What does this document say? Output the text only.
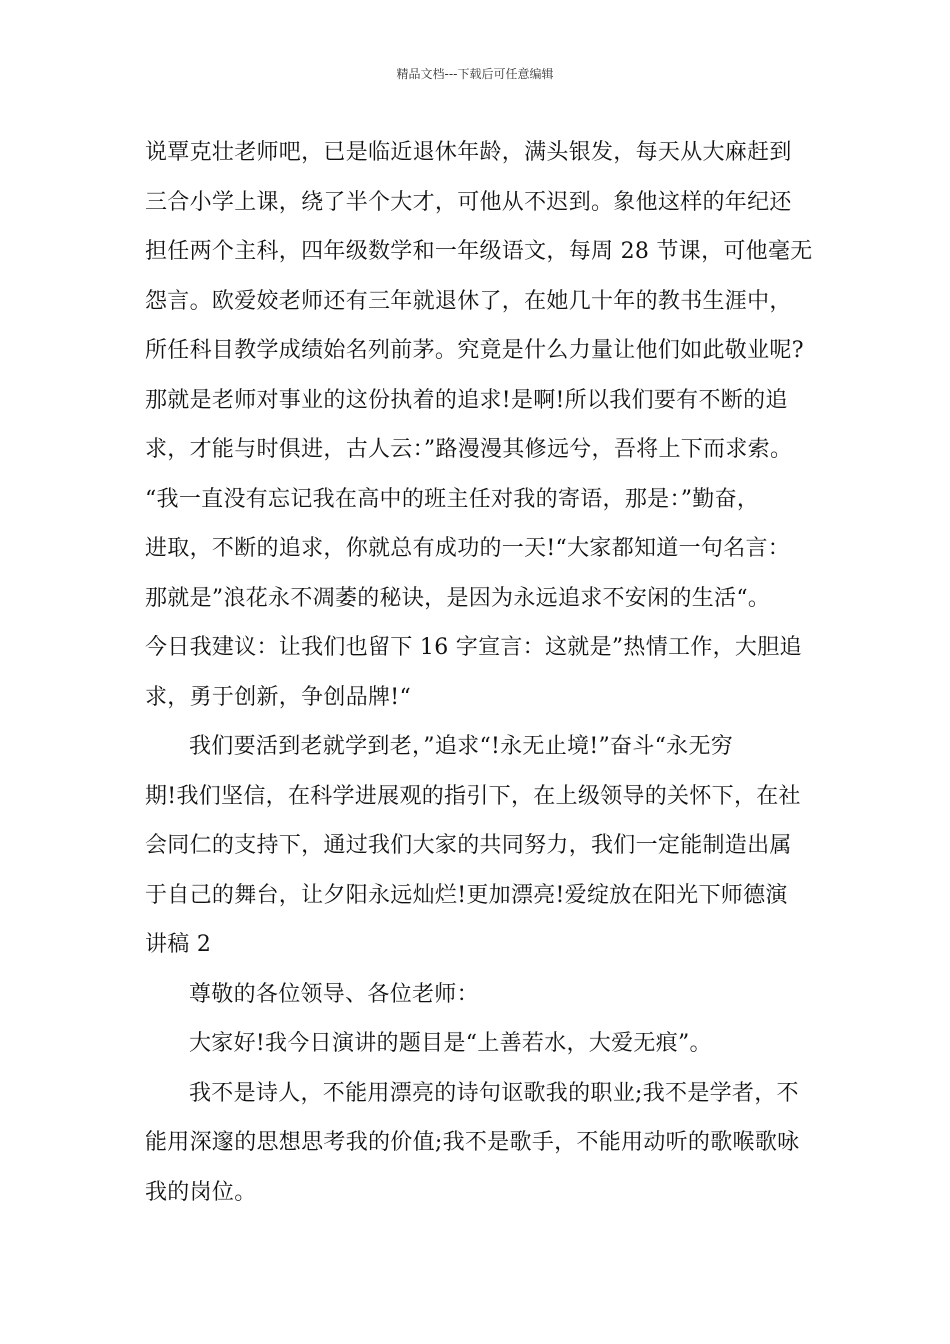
精品文档---下载后可任意编辑
说覃克壮老师吧，已是临近退休年龄，满头银发，每天从大麻赶到
三合小学上课，绕了半个大才，可他从不迟到。象他这样的年纪还
担任两个主科，四年级数学和一年级语文，每周 28 节课，可他毫无
怨言。欧爱姣老师还有三年就退休了，在她几十年的教书生涯中，
所任科目教学成绩始名列前茅。究竟是什么力量让他们如此敬业呢?
那就是老师对事业的这份执着的追求!是啊!所以我们要有不断的追
求，才能与时俱进，古人云：”路漫漫其修远兮，吾将上下而求索。
“我一直没有忘记我在高中的班主任对我的寄语，那是：”勤奋，
进取，不断的追求，你就总有成功的一天!“大家都知道一句名言：
那就是”浪花永不凋萎的秘诀，是因为永远追求不安闲的生活“。
今日我建议：让我们也留下 16 字宣言：这就是”热情工作，大胆追
求，勇于创新，争创品牌!“
我们要活到老就学到老，”追求“!永无止境!”奋斗“永无穷
期!我们坚信，在科学进展观的指引下，在上级领导的关怀下，在社
会同仁的支持下，通过我们大家的共同努力，我们一定能制造出属
于自己的舞台，让夕阳永远灿烂!更加漂亮!爱绽放在阳光下师德演
讲稿 2
尊敬的各位领导、各位老师：
大家好!我今日演讲的题目是“上善若水，大爱无痕”。
我不是诗人，不能用漂亮的诗句讴歌我的职业;我不是学者，不
能用深邃的思想思考我的价值;我不是歌手，不能用动听的歌喉歌咏
我的岗位。
